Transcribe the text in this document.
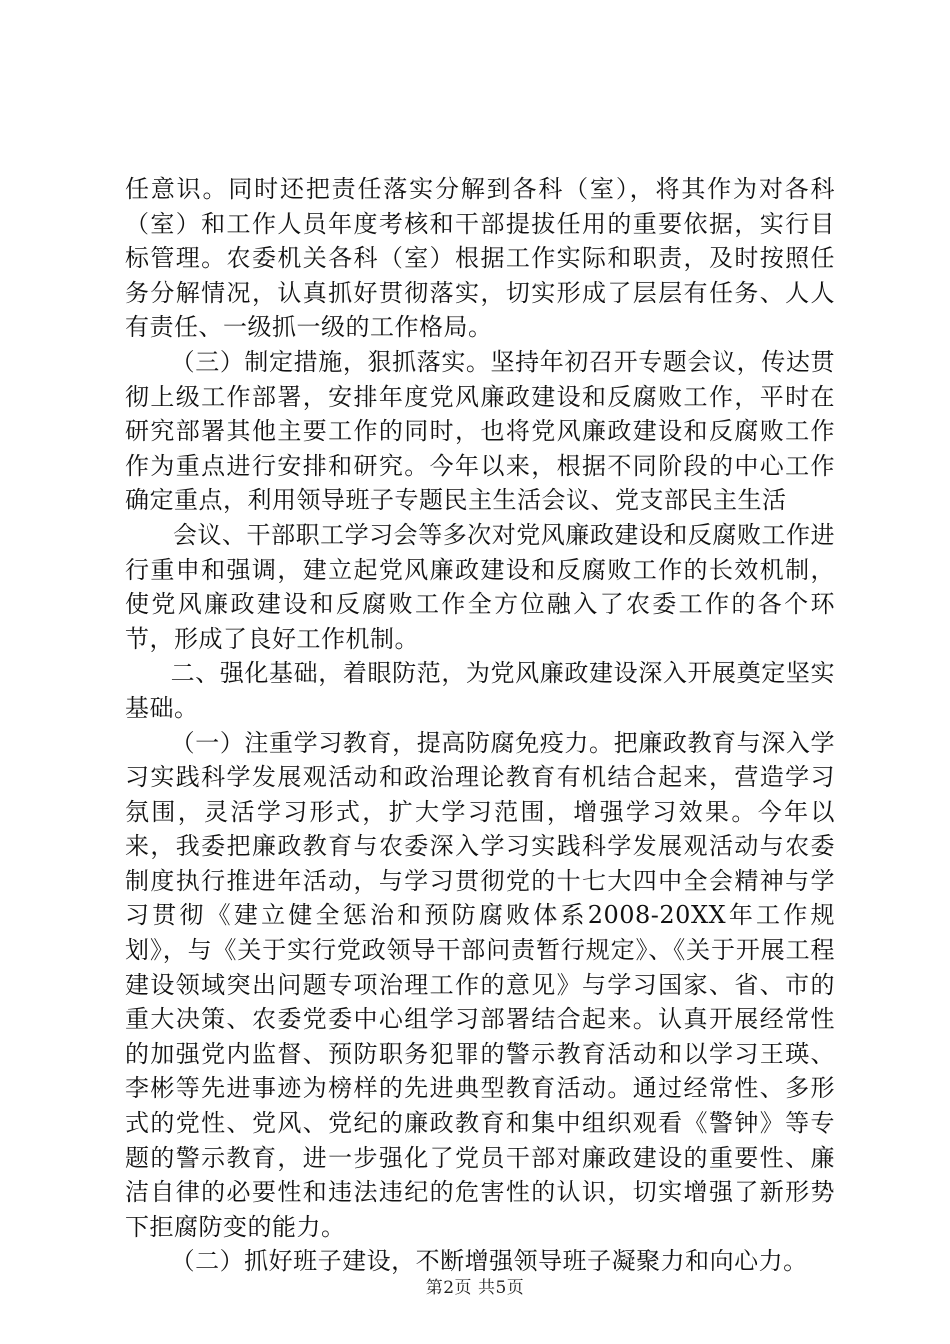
任意识。同时还把责任落实分解到各科（室），将其作为对各科（室）和工作人员年度考核和干部提拔任用的重要依据，实行目标管理。农委机关各科（室）根据工作实际和职责，及时按照任务分解情况，认真抓好贯彻落实，切实形成了层层有任务、人人有责任、一级抓一级的工作格局。

（三）制定措施，狠抓落实。坚持年初召开专题会议，传达贯彻上级工作部署，安排年度党风廉政建设和反腐败工作，平时在研究部署其他主要工作的同时，也将党风廉政建设和反腐败工作作为重点进行安排和研究。今年以来，根据不同阶段的中心工作确定重点，利用领导班子专题民主生活会议、党支部民主生活

会议、干部职工学习会等多次对党风廉政建设和反腐败工作进行重申和强调，建立起党风廉政建设和反腐败工作的长效机制，使党风廉政建设和反腐败工作全方位融入了农委工作的各个环节，形成了良好工作机制。

二、强化基础，着眼防范，为党风廉政建设深入开展奠定坚实基础。

（一）注重学习教育，提高防腐免疫力。把廉政教育与深入学习实践科学发展观活动和政治理论教育有机结合起来，营造学习氛围，灵活学习形式，扩大学习范围，增强学习效果。今年以来，我委把廉政教育与农委深入学习实践科学发展观活动与农委制度执行推进年活动，与学习贯彻党的十七大四中全会精神与学习贯彻《建立健全惩治和预防腐败体系2008-20XX年工作规划》，与《关于实行党政领导干部问责暂行规定》、《关于开展工程建设领域突出问题专项治理工作的意见》与学习国家、省、市的重大决策、农委党委中心组学习部署结合起来。认真开展经常性的加强党内监督、预防职务犯罪的警示教育活动和以学习王瑛、李彬等先进事迹为榜样的先进典型教育活动。通过经常性、多形式的党性、党风、党纪的廉政教育和集中组织观看《警钟》等专题的警示教育，进一步强化了党员干部对廉政建设的重要性、廉洁自律的必要性和违法违纪的危害性的认识，切实增强了新形势下拒腐防变的能力。

（二）抓好班子建设，不断增强领导班子凝聚力和向心力。

第2页 共5页
